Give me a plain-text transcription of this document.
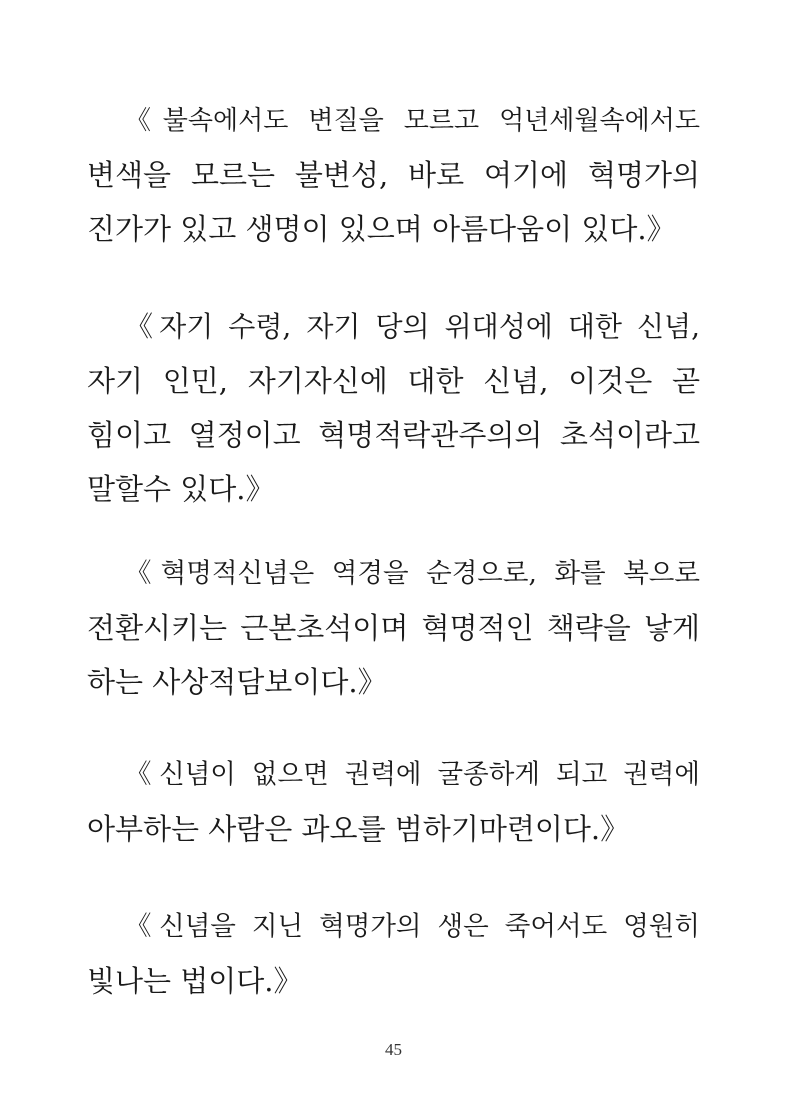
《불속에서도 변질을 모르고 억년세월속에서도
변색을 모르는 불변성, 바로 여기에 혁명가의
진가가 있고 생명이 있으며 아름다움이 있다.》
《자기 수령, 자기 당의 위대성에 대한 신념,
자기 인민, 자기자신에 대한 신념, 이것은 곧
힘이고 열정이고 혁명적락관주의의 초석이라고
말할수 있다.》
《혁명적신념은 역경을 순경으로, 화를 복으로
전환시키는 근본초석이며 혁명적인 책략을 낳게
하는 사상적담보이다.》
《신념이 없으면 권력에 굴종하게 되고 권력에
아부하는 사람은 과오를 범하기마련이다.》
《신념을 지닌 혁명가의 생은 죽어서도 영원히
빛나는 법이다.》
45
